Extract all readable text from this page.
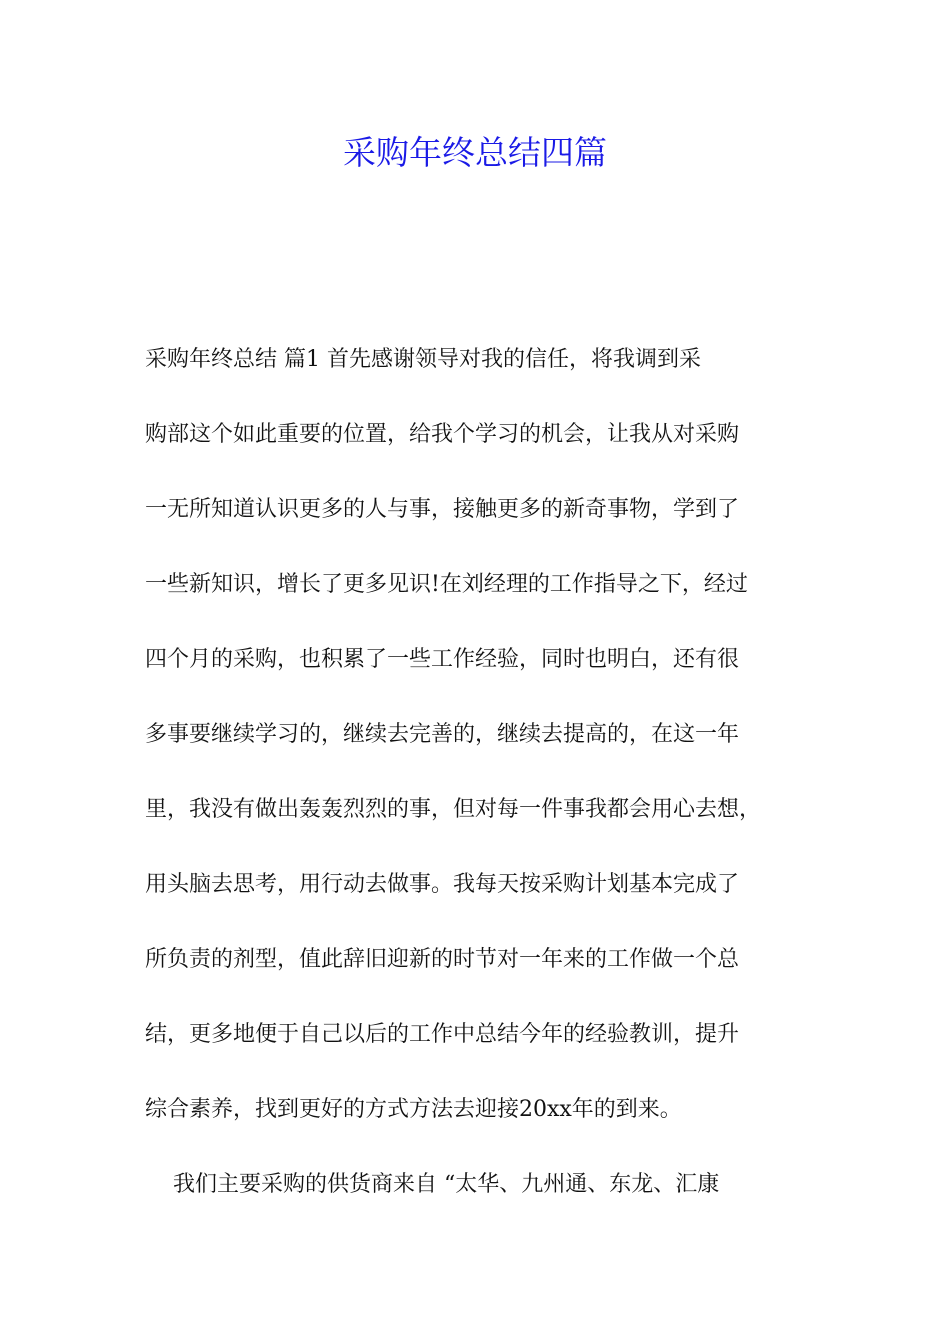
采购年终总结四篇
采购年终总结 篇1 首先感谢领导对我的信任，将我调到采
购部这个如此重要的位置，给我个学习的机会，让我从对采购
一无所知道认识更多的人与事，接触更多的新奇事物，学到了
一些新知识，增长了更多见识!在刘经理的工作指导之下，经过
四个月的采购，也积累了一些工作经验，同时也明白，还有很
多事要继续学习的，继续去完善的，继续去提高的，在这一年
里，我没有做出轰轰烈烈的事，但对每一件事我都会用心去想，
用头脑去思考，用行动去做事。我每天按采购计划基本完成了
所负责的剂型，值此辞旧迎新的时节对一年来的工作做一个总
结，更多地便于自己以后的工作中总结今年的经验教训，提升
综合素养，找到更好的方式方法去迎接20xx年的到来。
我们主要采购的供货商来自 “太华、九州通、东龙、汇康
